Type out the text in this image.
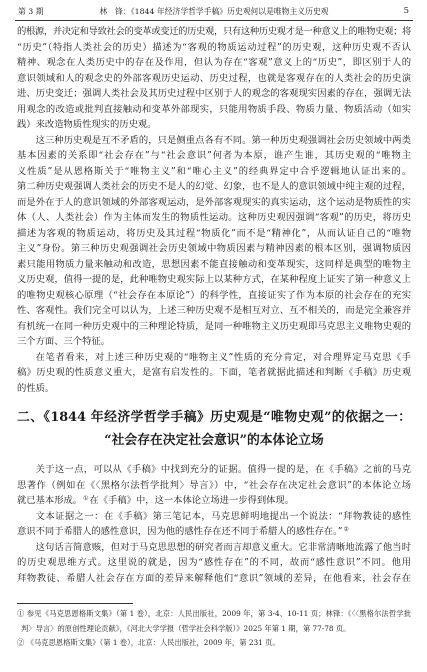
第 3 期	林　锋：《1844 年经济学哲学手稿》历史观何以是唯物主义历史观	5
的根源，并决定和导致社会的变革或变迁的历史观，只有这种历史观才是一种意义上的唯物史观；将
“历史”（特指人类社会的历史）描述为“客观的物质运动过程”的历史观，这种历史观不否认
精神、观念在人类历史中的存在及作用，但认为存在“客观”意义上的“历史”，即区别于人的
意识领域和人的观念史的外部客观历史运动、历史过程，也就是客观存在的人类社会的历史演
进、历史变迁；强调人类社会及其历史过程中区别于人的观念的客观现实因素的存在，强调无法
用观念的改造或批判直接触动和变革外部现实，只能用物质手段、物质力量、物质活动（如实
践）来改造物质性现实的历史观。
这三种历史观是互不矛盾的，只是侧重点各有不同。第一种历史观强调社会历史领域中两类
基本因素的关系即“社会存在”与“社会意识”何者为本原，谁产生谁，其历史观的“唯物主
义性质”是从恩格斯关于“唯物主义”和“唯心主义”的经典界定中合乎逻辑地认证出来的。
第二种历史观强调人类社会的历史不是人的幻觉、幻象，也不是人的意识领域中纯主观的过程，
而是外在于人的意识领域的外部客观运动，是外部客观现实的真实运动，这个运动是物质性的实
体（人、人类社会）作为主体而发生的物质性运动。这种历史观因强调“客观”的历史，将历史
描述为客观的物质运动，将历史及其过程“物质化”而不是“精神化”，从而认证自己的“唯物
主义”身份。第三种历史观强调社会历史领域中物质因素与精神因素的根本区别，强调物质因
素只能用物质力量来触动和改造，思想因素不能直接触动和变革现实，这同样是典型的唯物主
义历史观，值得一提的是，此种唯物史观实际上以某种方式，在某种程度上证实了第一种意义上
的唯物史观核心原理（“社会存在本原论”）的科学性，直接证实了作为本原的社会存在的充实
性、客观性。我们完全可以认为，上述三种历史观不是相互对立、互不相关的，而是完全兼容并
有机统一在同一种历史观中的三种理论特质，是同一种唯物主义历史观即马克思主义唯物史观的
三个方面、三个特征。
在笔者看来，对上述三种历史观的“唯物主义”性质的充分肯定，对合理界定马克思《手
稿》历史观的性质意义重大，是富有启发性的。下面，笔者就据此描述和判断《手稿》历史观
的性质。
二、《1844 年经济学哲学手稿》历史观是“唯物史观”的依据之一：
“社会存在决定社会意识”的本体论立场
关于这一点，可以从《手稿》中找到充分的证据。值得一提的是，在《手稿》之前的马克
思著作（例如在《〈黑格尔法哲学批判〉导言》）中，“社会存在决定社会意识”的本体论立场
就已基本形成。①在《手稿》中，这一本体论立场进一步得到体现。
文本证据之一：在《手稿》第三笔记本，马克思鲜明地提出一个说法：“拜物教徒的感性
意识不同于希腊人的感性意识，因为他的感性存在还不同于希腊人的感性存在。”②
这句话言简意赅，但对于马克思思想的研究者而言却意义重大。它非常清晰地流露了他当时
的历史观思维方式。这里说的就是，因为“感性存在”的不同，故而“感性意识”不同。他用
拜物教徒、希腊人社会存在方面的差异来解释他们“意识”领域的差异，在他看来，社会存在
① 参见《马克思恩格斯文集》（第 1 卷），北京：人民出版社，2009 年，第 3-4、10-11 页；林锋：《〈〈黑格尔法哲学批
判〉导言〉的原创性理论贡献》，《河北大学学报（哲学社会科学版）》2025 年第 1 期，第 77-78 页。
② 《马克思恩格斯文集》（第 1 卷），北京：人民出版社，2009 年，第 231 页。
